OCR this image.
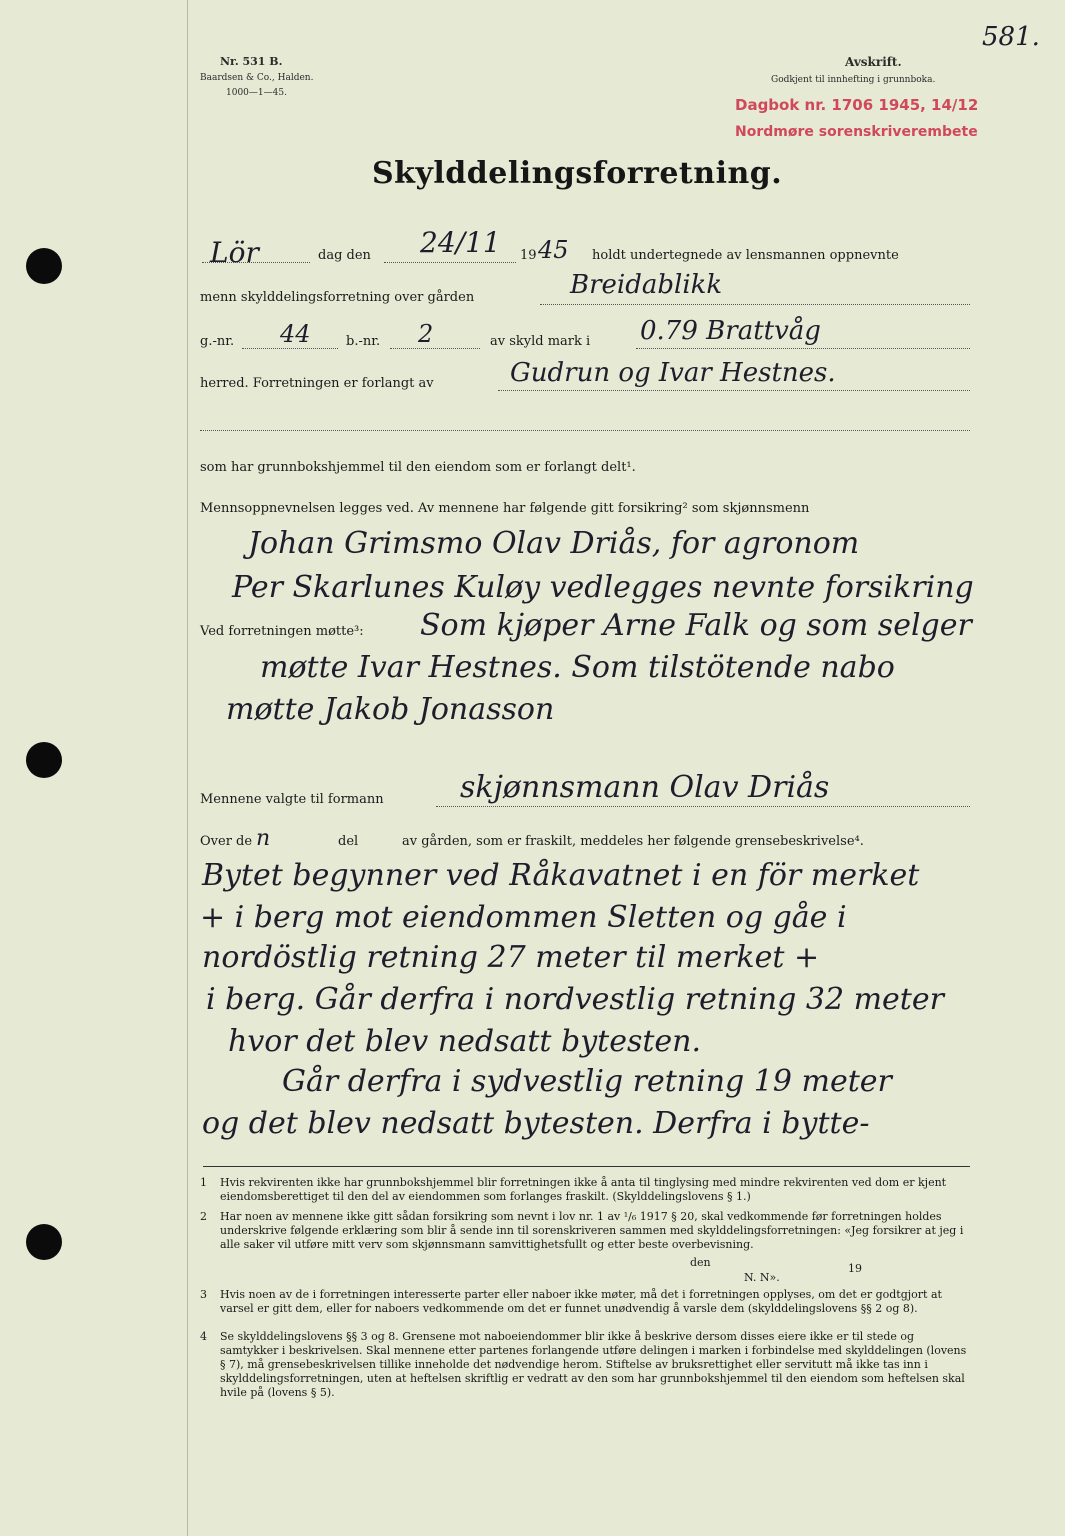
581.
Nr. 531 B.
Baardsen & Co., Halden.
1000—1—45.
Avskrift.
Godkjent til innhefting i grunnboka.
Dagbok nr. 1706 1945, 14/12
Nordmøre sorenskriverembete
Skylddelingsforretning.
Lör	dag den 24/11 19 45 holdt undertegnede av lensmannen oppnevnte
menn skylddelingsforretning over gården	Breidablikk
g.-nr. 44	b.-nr. 2	av skyld mark i 0.79 Brattvåg
herred. Forretningen er forlangt av	Gudrun og Ivar Hestnes.
som har grunnbokshjemmel til den eiendom som er forlangt delt¹.
Mennsoppnevnelsen legges ved. Av mennene har følgende gitt forsikring² som skjønnsmenn
Johan Grimsmo Olav Driås, for agronom
Per Skarlunes Kuløy vedlegges nevnte forsikring
Ved forretningen møtte³: Som kjøper Arne Falk og som selger
møtte Ivar Hestnes. Som tilstötende nabo
møtte Jakob Jonasson
Mennene valgte til formann	skjønnsmann Olav Driås
Over de n	del	av gården, som er fraskilt, meddeles her følgende grensebeskrivelse⁴.
Bytet begynner ved Råkavatnet i en för merket
+ i berg mot eiendommen Sletten og gåe i
nordöstlig retning 27 meter til merket +
i berg. Går derfra i nordvestlig retning 32 meter
hvor det blev nedsatt bytesten.
Går derfra i sydvestlig retning 19 meter
og det blev nedsatt bytesten. Derfra i bytte-
1	Hvis rekvirenten ikke har grunnbokshjemmel blir forretningen ikke å anta til tinglysing med mindre rekvirenten ved dom er kjent eiendomsberettiget til den del av eiendommen som forlanges fraskilt. (Skylddelingslovens § 1.)
2	Har noen av mennene ikke gitt sådan forsikring som nevnt i lov nr. 1 av ¹/₆ 1917 § 20, skal vedkommende før forretningen holdes underskrive følgende erklæring som blir å sende inn til sorenskriveren sammen med skylddelingsforretningen: «Jeg forsikrer at jeg i alle saker vil utføre mitt verv som skjønnsmann samvittighetsfullt og etter beste overbevisning.
den	19
N. N».
3	Hvis noen av de i forretningen interesserte parter eller naboer ikke møter, må det i forretningen opplyses, om det er godtgjort at varsel er gitt dem, eller for naboers vedkommende om det er funnet unødvendig å varsle dem (skylddelingslovens §§ 2 og 8).
4	Se skylddelingslovens §§ 3 og 8. Grensene mot naboeiendommer blir ikke å beskrive dersom disses eiere ikke er til stede og samtykker i beskrivelsen. Skal mennene etter partenes forlangende utføre delingen i marken i forbindelse med skylddelingen (lovens § 7), må grensebeskrivelsen tillike inneholde det nødvendige herom. Stiftelse av bruksrettighet eller servitutt må ikke tas inn i skylddelingsforretningen, uten at heftelsen skriftlig er vedratt av den som har grunnbokshjemmel til den eiendom som heftelsen skal hvile på (lovens § 5).
